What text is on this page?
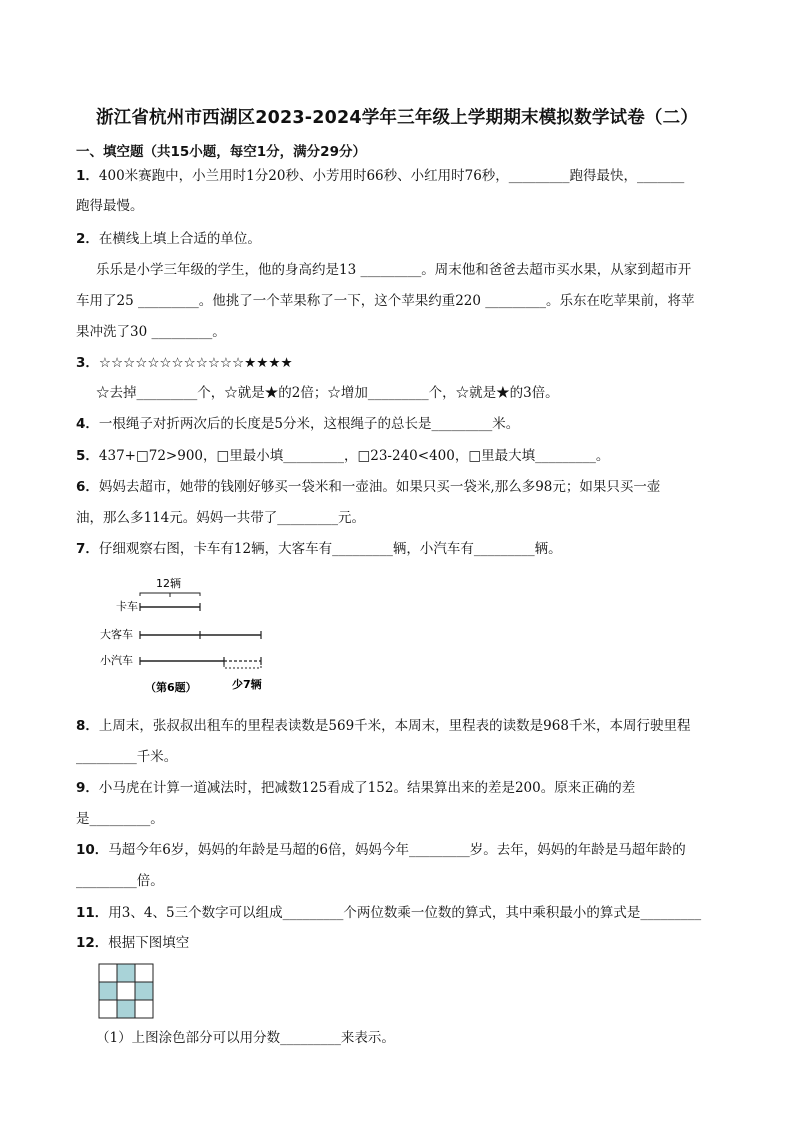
浙江省杭州市西湖区2023-2024学年三年级上学期期末模拟数学试卷（二）
一、填空题（共15小题，每空1分，满分29分）
1．400米赛跑中，小兰用时1分20秒、小芳用时66秒、小红用时76秒，_________跑得最快，_______
跑得最慢。
2．在横线上填上合适的单位。
乐乐是小学三年级的学生，他的身高约是13 _________。周末他和爸爸去超市买水果，从家到超市开
车用了25 _________。他挑了一个苹果称了一下，这个苹果约重220 _________。乐东在吃苹果前，将苹
果冲洗了30 _________。
3．☆☆☆☆☆☆☆☆☆☆☆☆★★★★
☆去掉_________个，☆就是★的2倍；☆增加_________个，☆就是★的3倍。
4．一根绳子对折两次后的长度是5分米，这根绳子的总长是_________米。
5．437+□72>900，□里最小填_________，□23-240<400，□里最大填_________。
6．妈妈去超市，她带的钱刚好够买一袋米和一壶油。如果只买一袋米,那么多98元；如果只买一壶
油，那么多114元。妈妈一共带了_________元。
7．仔细观察右图，卡车有12辆，大客车有_________辆，小汽车有_________辆。
12辆
卡车
大客车
小汽车
（第6题）	少7辆
8．上周末，张叔叔出租车的里程表读数是569千米，本周末，里程表的读数是968千米，本周行驶里程
_________千米。
9．小马虎在计算一道减法时，把减数125看成了152。结果算出来的差是200。原来正确的差
是_________。
10．马超今年6岁，妈妈的年龄是马超的6倍，妈妈今年_________岁。去年，妈妈的年龄是马超年龄的
_________倍。
11．用3、4、5三个数字可以组成_________个两位数乘一位数的算式，其中乘积最小的算式是_________
12．根据下图填空
（1）上图涂色部分可以用分数_________来表示。
